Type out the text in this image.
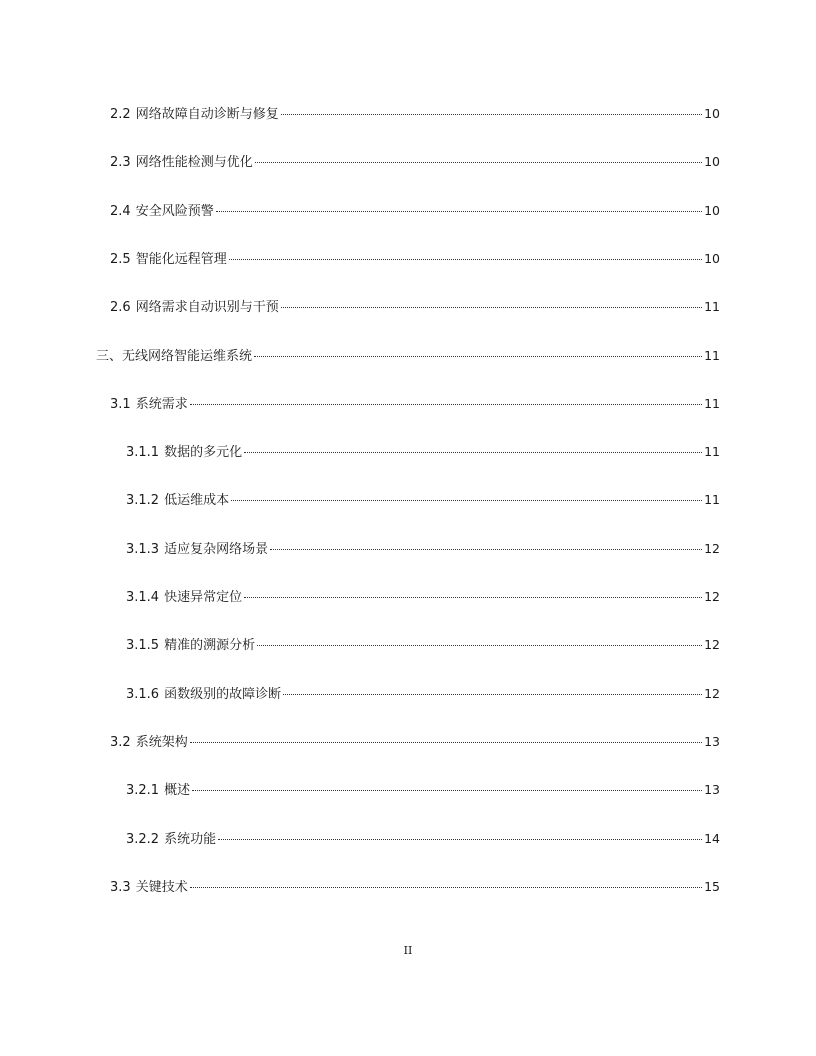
2.2 网络故障自动诊断与修复	10
2.3 网络性能检测与优化	10
2.4 安全风险预警	10
2.5 智能化远程管理	10
2.6 网络需求自动识别与干预	11
三、 无线网络智能运维系统	11
3.1 系统需求	11
3.1.1 数据的多元化	11
3.1.2 低运维成本	11
3.1.3 适应复杂网络场景	12
3.1.4 快速异常定位	12
3.1.5 精准的溯源分析	12
3.1.6 函数级别的故障诊断	12
3.2 系统架构	13
3.2.1 概述	13
3.2.2 系统功能	14
3.3 关键技术	15
II
